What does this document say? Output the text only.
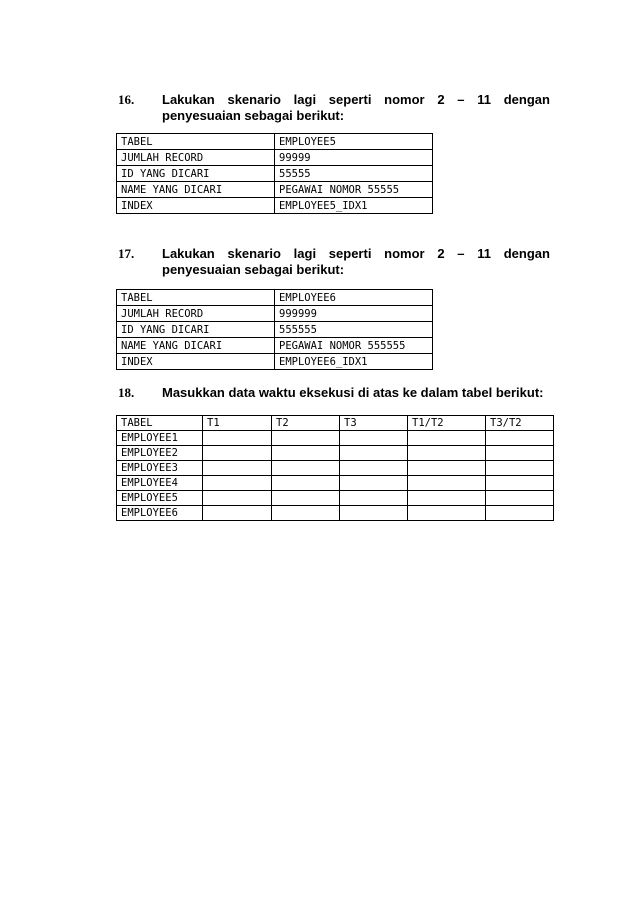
16.	Lakukan skenario lagi seperti nomor 2 – 11 dengan
penyesuaian sebagai berikut:
TABEL	EMPLOYEE5
JUMLAH RECORD	99999
ID YANG DICARI	55555
NAME YANG DICARI	PEGAWAI NOMOR 55555
INDEX	EMPLOYEE5_IDX1
17.	Lakukan skenario lagi seperti nomor 2 – 11 dengan
penyesuaian sebagai berikut:
TABEL	EMPLOYEE6
JUMLAH RECORD	999999
ID YANG DICARI	555555
NAME YANG DICARI	PEGAWAI NOMOR 555555
INDEX	EMPLOYEE6_IDX1
18.	Masukkan data waktu eksekusi di atas ke dalam tabel berikut:
TABEL	T1	T2	T3	T1/T2	T3/T2
EMPLOYEE1					
EMPLOYEE2					
EMPLOYEE3					
EMPLOYEE4					
EMPLOYEE5					
EMPLOYEE6					
